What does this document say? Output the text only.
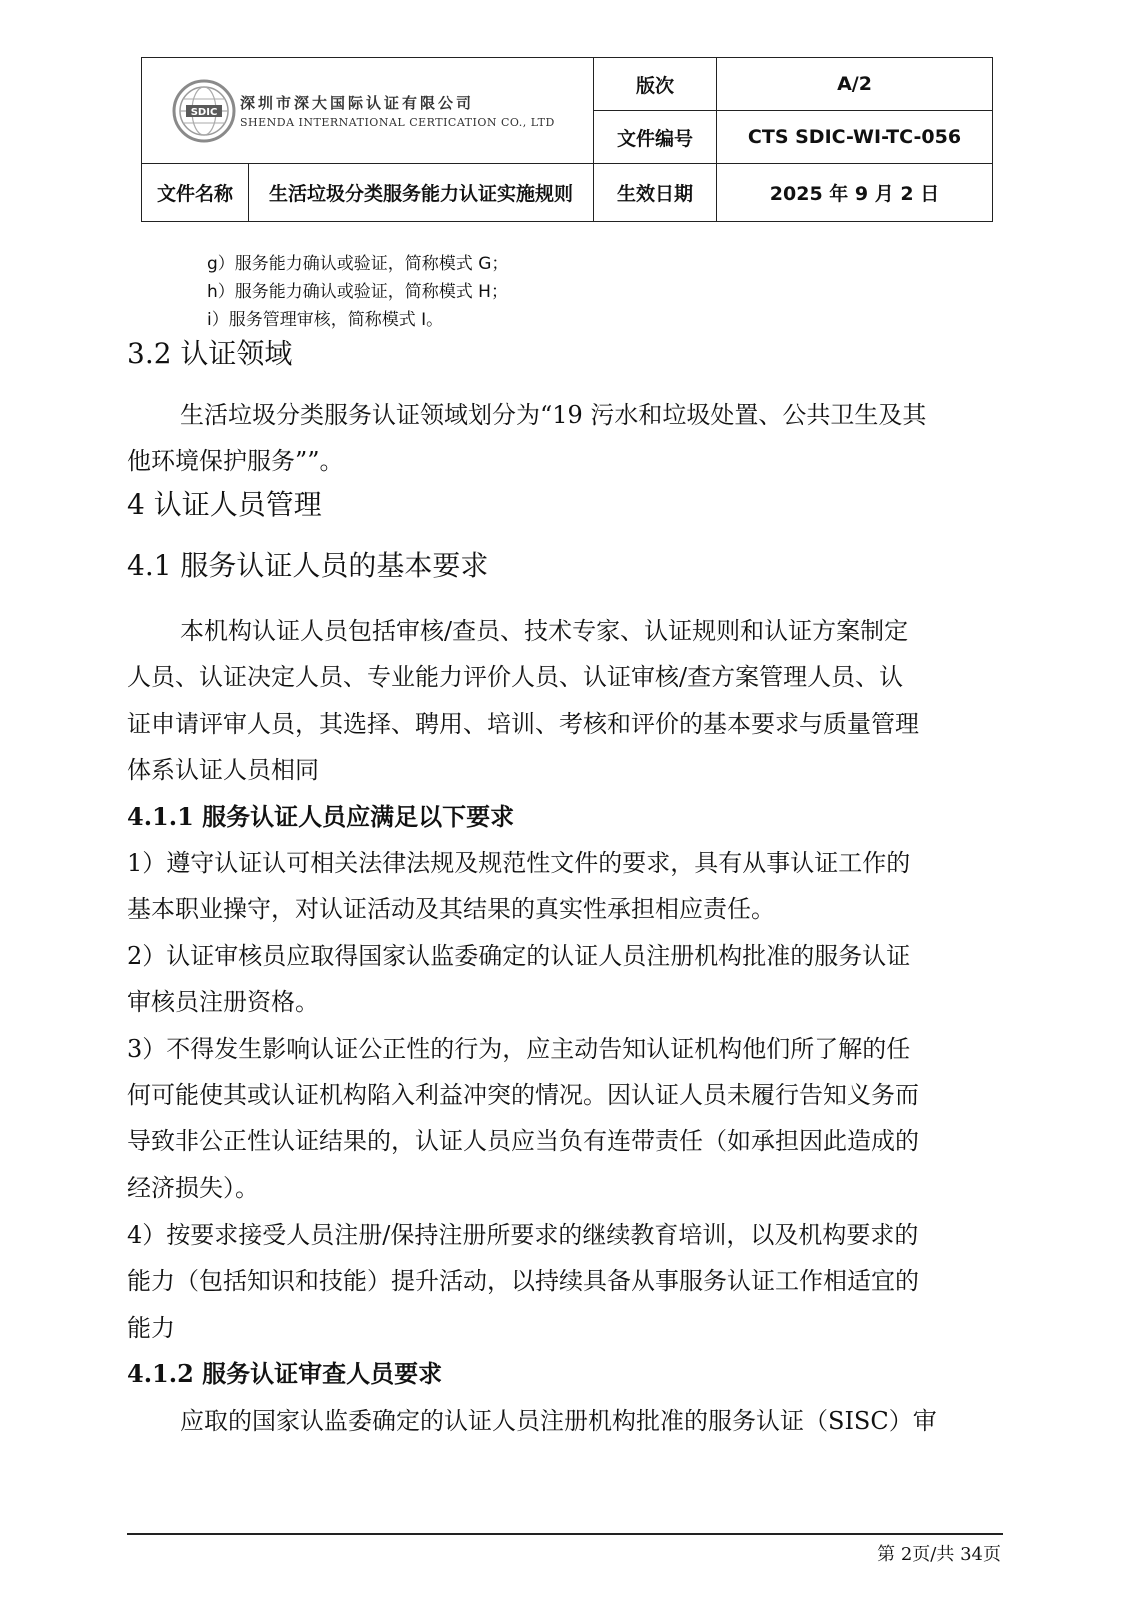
SDIC 深圳市深大国际认证有限公司
SHENDA INTERNATIONAL CERTICATION CO., LTD		版次	A/2
		文件编号	CTS SDIC-WI-TC-056
文件名称	生活垃圾分类服务能力认证实施规则	生效日期	2025 年 9 月 2 日
g）服务能力确认或验证，简称模式 G；
h）服务能力确认或验证，简称模式 H；
i）服务管理审核，简称模式 I。
3.2 认证领域
生活垃圾分类服务认证领域划分为“19 污水和垃圾处置、公共卫生及其
他环境保护服务””。
4 认证人员管理
4.1 服务认证人员的基本要求
本机构认证人员包括审核/查员、技术专家、认证规则和认证方案制定
人员、认证决定人员、专业能力评价人员、认证审核/查方案管理人员、认
证申请评审人员，其选择、聘用、培训、考核和评价的基本要求与质量管理
体系认证人员相同
4.1.1 服务认证人员应满足以下要求
1）遵守认证认可相关法律法规及规范性文件的要求，具有从事认证工作的
基本职业操守，对认证活动及其结果的真实性承担相应责任。
2）认证审核员应取得国家认监委确定的认证人员注册机构批准的服务认证
审核员注册资格。
3）不得发生影响认证公正性的行为，应主动告知认证机构他们所了解的任
何可能使其或认证机构陷入利益冲突的情况。因认证人员未履行告知义务而
导致非公正性认证结果的，认证人员应当负有连带责任（如承担因此造成的
经济损失）。
4）按要求接受人员注册/保持注册所要求的继续教育培训，以及机构要求的
能力（包括知识和技能）提升活动，以持续具备从事服务认证工作相适宜的
能力
4.1.2 服务认证审查人员要求
应取的国家认监委确定的认证人员注册机构批准的服务认证（SISC）审
第 2页/共 34页
